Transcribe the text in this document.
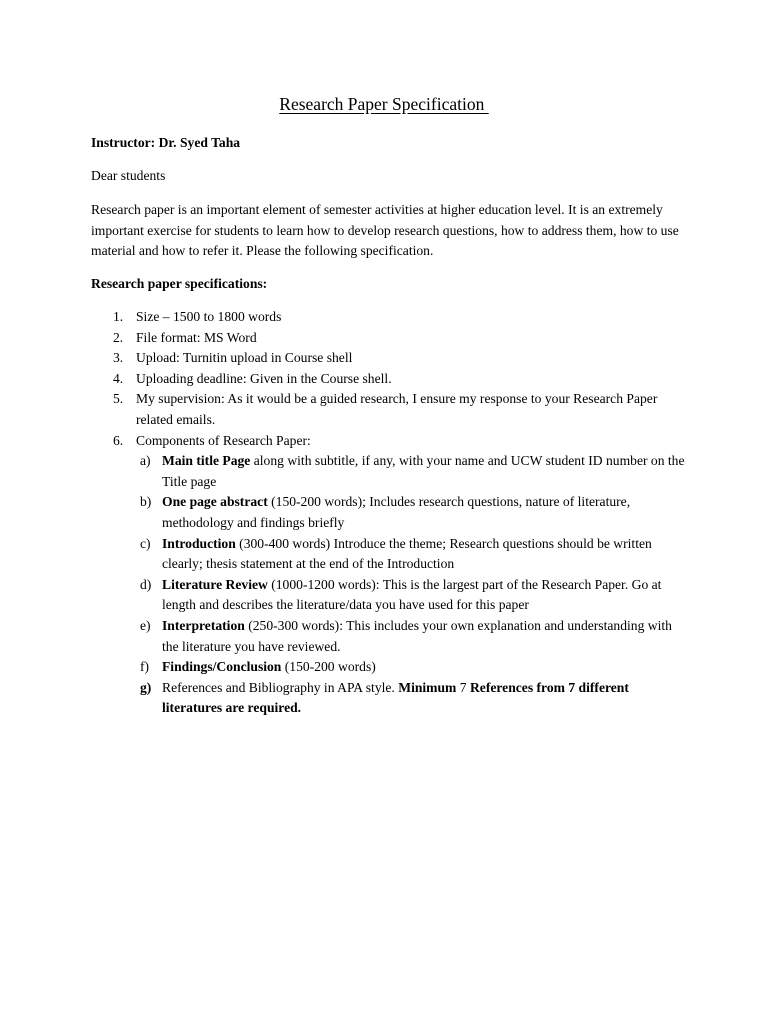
Research Paper Specification
Instructor: Dr. Syed Taha
Dear students
Research paper is an important element of semester activities at higher education level. It is an extremely important exercise for students to learn how to develop research questions, how to address them, how to use material and how to refer it. Please the following specification.
Research paper specifications:
1. Size – 1500 to 1800 words
2. File format: MS Word
3. Upload: Turnitin upload in Course shell
4. Uploading deadline: Given in the Course shell.
5. My supervision: As it would be a guided research, I ensure my response to your Research Paper related emails.
6. Components of Research Paper:
a) Main title Page along with subtitle, if any, with your name and UCW student ID number on the Title page
b) One page abstract (150-200 words); Includes research questions, nature of literature, methodology and findings briefly
c) Introduction (300-400 words) Introduce the theme; Research questions should be written clearly; thesis statement at the end of the Introduction
d) Literature Review (1000-1200 words): This is the largest part of the Research Paper. Go at length and describes the literature/data you have used for this paper
e) Interpretation (250-300 words): This includes your own explanation and understanding with the literature you have reviewed.
f) Findings/Conclusion (150-200 words)
g) References and Bibliography in APA style. Minimum 7 References from 7 different literatures are required.
